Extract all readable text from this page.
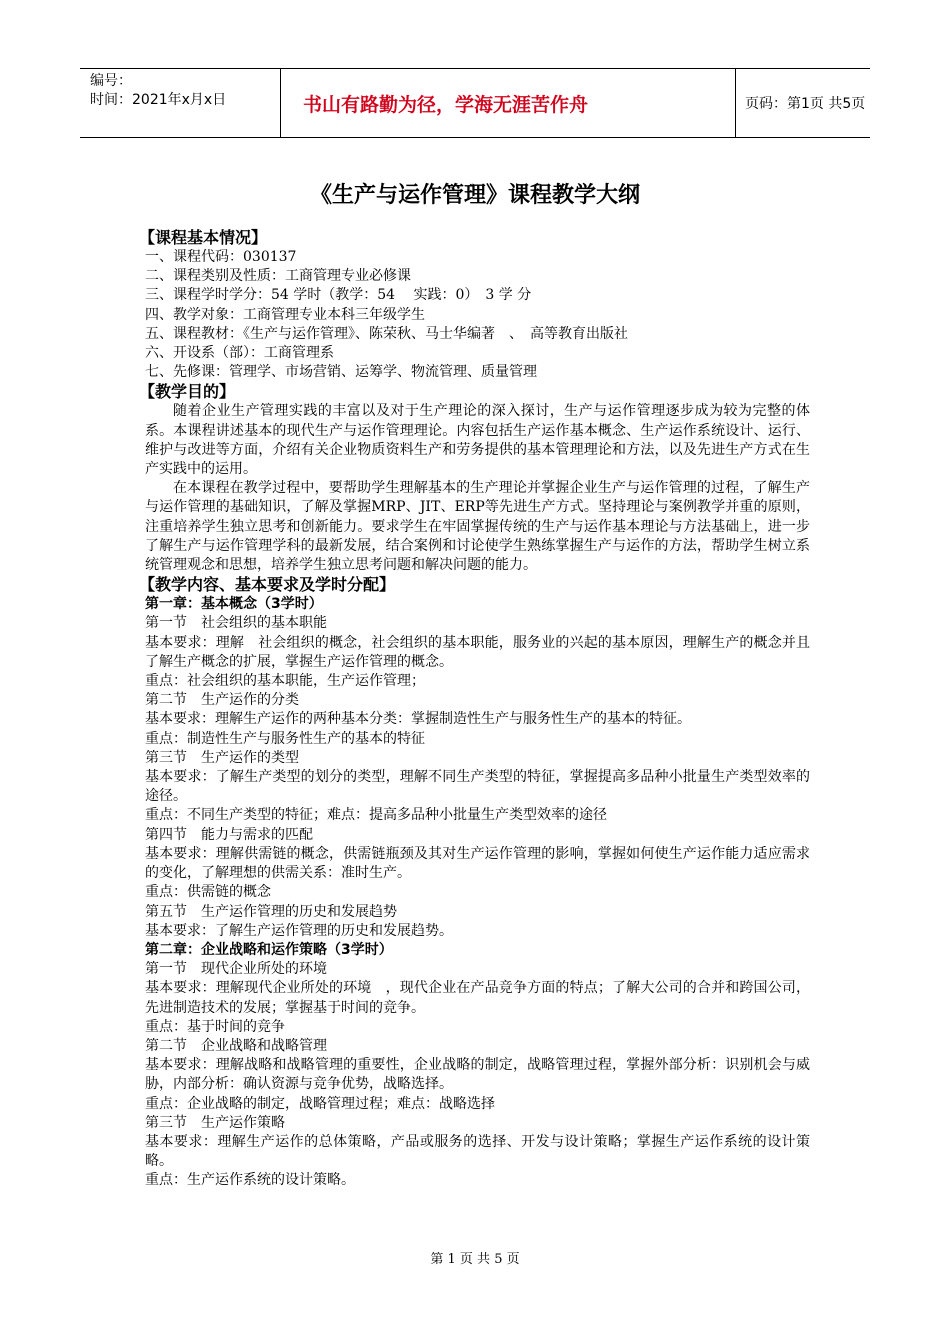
编号：
时间：2021年x月x日	书山有路勤为径，学海无涯苦作舟	页码：第1页 共5页
《生产与运作管理》课程教学大纲

【课程基本情况】

一、课程代码：030137

二、课程类别及性质：工商管理专业必修课

三、课程学时学分：54 学时（教学：54　 实践：0）　3 学 分

四、教学对象：工商管理专业本科三年级学生

五、课程教材：《生产与运作管理》、陈荣秋、马士华编著　、　高等教育出版社

六、开设系（部）：工商管理系

七、先修课：管理学、市场营销、运筹学、物流管理、质量管理

【教学目的】

随着企业生产管理实践的丰富以及对于生产理论的深入探讨，生产与运作管理逐步成为较为完整的体系。本课程讲述基本的现代生产与运作管理理论。内容包括生产运作基本概念、生产运作系统设计、运行、维护与改进等方面，介绍有关企业物质资料生产和劳务提供的基本管理理论和方法，以及先进生产方式在生产实践中的运用。

在本课程在教学过程中，要帮助学生理解基本的生产理论并掌握企业生产与运作管理的过程，了解生产与运作管理的基础知识，了解及掌握MRP、JIT、ERP等先进生产方式。坚持理论与案例教学并重的原则，注重培养学生独立思考和创新能力。要求学生在牢固掌握传统的生产与运作基本理论与方法基础上，进一步了解生产与运作管理学科的最新发展，结合案例和讨论使学生熟练掌握生产与运作的方法，帮助学生树立系统管理观念和思想，培养学生独立思考问题和解决问题的能力。

【教学内容、基本要求及学时分配】

第一章：基本概念（3学时）

第一节　社会组织的基本职能

基本要求：理解　社会组织的概念，社会组织的基本职能，服务业的兴起的基本原因，理解生产的概念并且了解生产概念的扩展，掌握生产运作管理的概念。

重点：社会组织的基本职能，生产运作管理；

第二节　生产运作的分类

基本要求：理解生产运作的两种基本分类：掌握制造性生产与服务性生产的基本的特征。

重点：制造性生产与服务性生产的基本的特征

第三节　生产运作的类型

基本要求：了解生产类型的划分的类型，理解不同生产类型的特征，掌握提高多品种小批量生产类型效率的途径。

重点：不同生产类型的特征；难点：提高多品种小批量生产类型效率的途径

第四节　能力与需求的匹配

基本要求：理解供需链的概念，供需链瓶颈及其对生产运作管理的影响，掌握如何使生产运作能力适应需求的变化，了解理想的供需关系：准时生产。

重点：供需链的概念

第五节　生产运作管理的历史和发展趋势

基本要求：了解生产运作管理的历史和发展趋势。

第二章：企业战略和运作策略（3学时）

第一节　现代企业所处的环境

基本要求：理解现代企业所处的环境　，现代企业在产品竞争方面的特点；了解大公司的合并和跨国公司，先进制造技术的发展；掌握基于时间的竞争。

重点：基于时间的竞争

第二节　企业战略和战略管理

基本要求：理解战略和战略管理的重要性，企业战略的制定，战略管理过程，掌握外部分析：识别机会与威胁，内部分析：确认资源与竞争优势，战略选择。

重点：企业战略的制定，战略管理过程；难点：战略选择

第三节　生产运作策略

基本要求：理解生产运作的总体策略，产品或服务的选择、开发与设计策略；掌握生产运作系统的设计策略。

重点：生产运作系统的设计策略。

第 1 页 共 5 页
